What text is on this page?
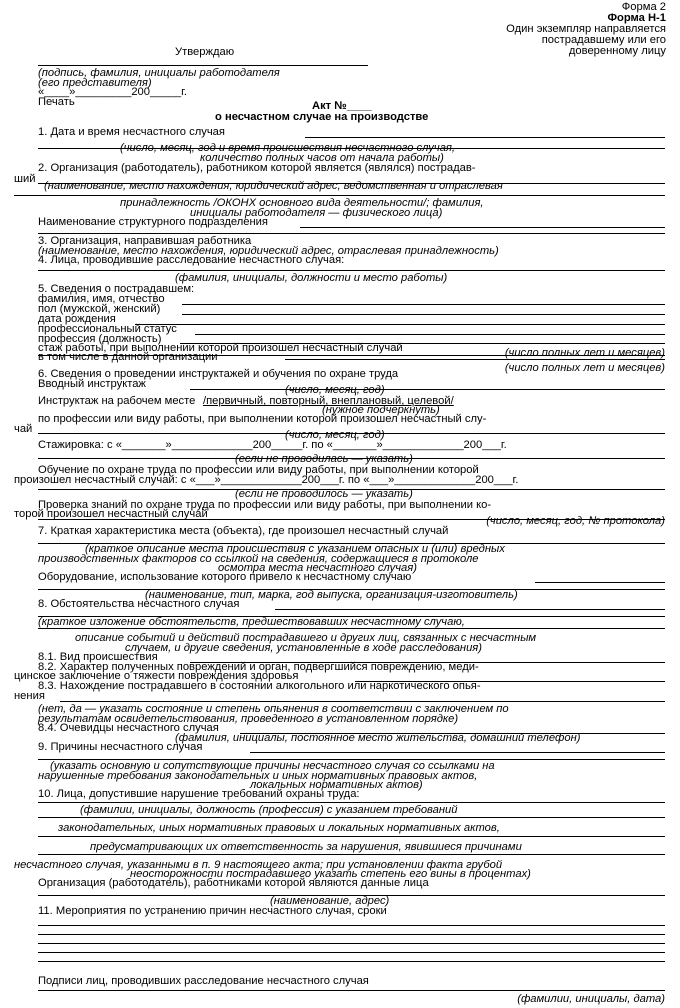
Форма 2
Форма Н-1
Один экземпляр направляется
пострадавшему или его
доверенному лицу
Утверждаю
(подпись, фамилия, инициалы работодателя
(его представителя)
«____»_________200_____г.
Печать	Акт №____
о несчастном случае на производстве
1. Дата и время несчастного случая
(число, месяц, год и время происшествия несчастного случая,
количество полных часов от начала работы)
2. Организация (работодатель), работником которой является (являлся) пострадав-
ший
(наименование, место нахождения, юридический адрес, ведомственная и отраслевая
принадлежность /ОКОНХ основного вида деятельности/; фамилия,
инициалы работодателя — физического лица)
Наименование структурного подразделения
3. Организация, направившая работника
(наименование, место нахождения, юридический адрес, отраслевая принадлежность)
4. Лица, проводившие расследование несчастного случая:
(фамилия, инициалы, должности и место работы)
5. Сведения о пострадавшем:
фамилия, имя, отчество
пол (мужской, женский)
дата рождения
профессиональный статус
профессия (должность)
стаж работы, при выполнении которой произошел несчастный случай	(число полных лет и месяцев)
в том числе в данной организации
(число полных лет и месяцев)
6. Сведения о проведении инструктажей и обучения по охране труда
Вводный инструктаж	(число, месяц, год)
Инструктаж на рабочем месте /первичный, повторный, внеплановый, целевой/
(нужное подчеркнуть)
по профессии или виду работы, при выполнении которой произошел несчастный слу-
чай	(число, месяц, год)
Стажировка: с «_______»_____________200_____г. по «_______»_____________200___г.
(если не проводилась — указать)
Обучение по охране труда по профессии или виду работы, при выполнении которой
произошел несчастный случай: с «___»_____________200___г. по «___»_____________200___г.
(если не проводилось — указать)
Проверка знаний по охране труда по профессии или виду работы, при выполнении ко-
торой произошел несчастный случай
(число, месяц, год, № протокола)
7. Краткая характеристика места (объекта), где произошел несчастный случай
(краткое описание места происшествия с указанием опасных и (или) вредных
производственных факторов со ссылкой на сведения, содержащиеся в протоколе
осмотра места несчастного случая)
Оборудование, использование которого привело к несчастному случаю
(наименование, тип, марка, год выпуска, организация-изготовитель)
8. Обстоятельства несчастного случая
(краткое изложение обстоятельств, предшествовавших несчастному случаю,
описание событий и действий пострадавшего и других лиц, связанных с несчастным
случаем, и другие сведения, установленные в ходе расследования)
8.1. Вид происшествия
8.2. Характер полученных повреждений и орган, подвергшийся повреждению, меди-
цинское заключение о тяжести повреждения здоровья
8.3. Нахождение пострадавшего в состоянии алкогольного или наркотического опья-
нения
(нет, да — указать состояние и степень опьянения в соответствии с заключением по
результатам освидетельствования, проведенного в установленном порядке)
8.4. Очевидцы несчастного случая
(фамилия, инициалы, постоянное место жительства, домашний телефон)
9. Причины несчастного случая
(указать основную и сопутствующие причины несчастного случая со ссылками на
нарушенные требования законодательных и иных нормативных правовых актов,
локальных нормативных актов)
10. Лица, допустившие нарушение требований охраны труда:
(фамилии, инициалы, должность (профессия) с указанием требований
законодательных, иных нормативных правовых и локальных нормативных актов,
предусматривающих их ответственность за нарушения, явившиеся причинами
несчастного случая, указанными в п. 9 настоящего акта; при установлении факта грубой
неосторожности пострадавшего указать степень его вины в процентах)
Организация (работодатель), работниками которой являются данные лица
(наименование, адрес)
11. Мероприятия по устранению причин несчастного случая, сроки
Подписи лиц, проводивших расследование несчастного случая
(фамилии, инициалы, дата)
